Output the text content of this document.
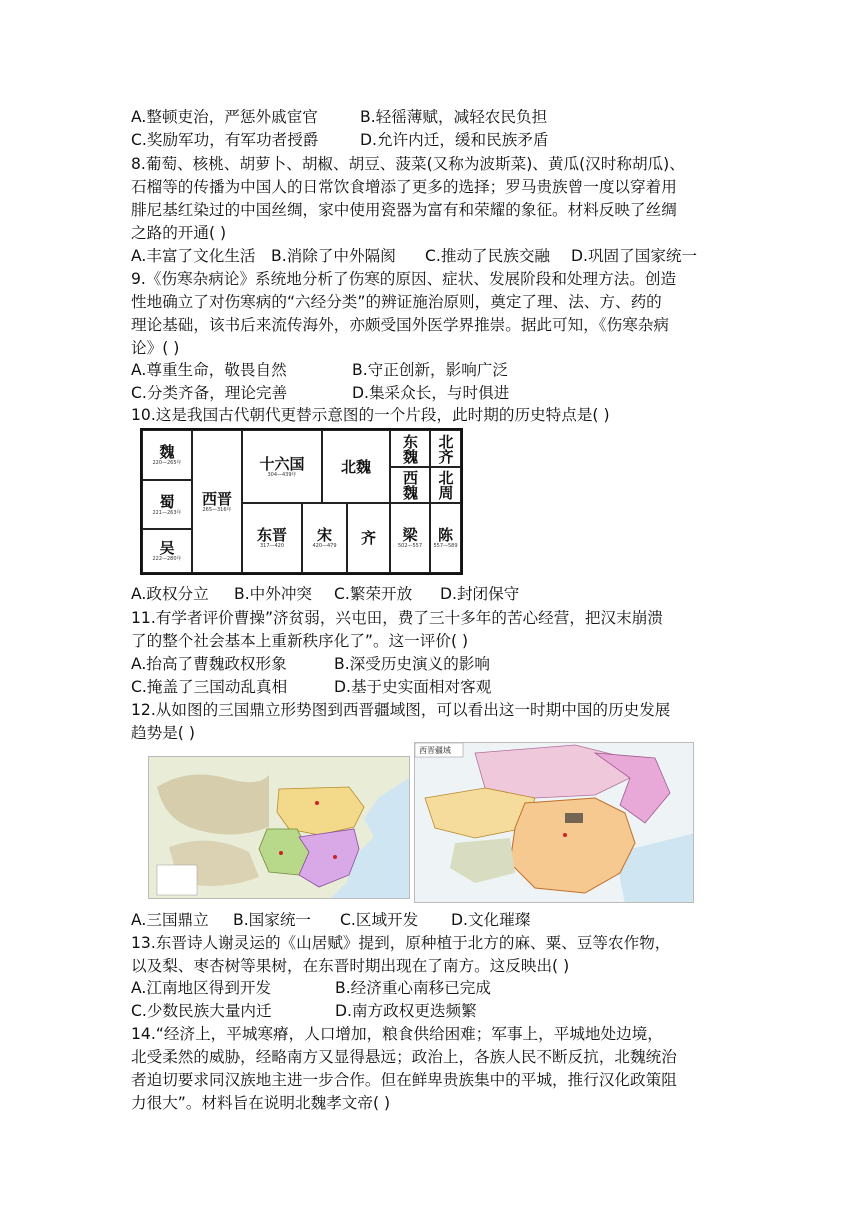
A.整顿吏治，严惩外戚宦官	B.轻徭薄赋，减轻农民负担
C.奖励军功，有军功者授爵	D.允许内迁，缓和民族矛盾
8.葡萄、核桃、胡萝卜、胡椒、胡豆、菠菜(又称为波斯菜)、黄瓜(汉时称胡瓜)、
石榴等的传播为中国人的日常饮食增添了更多的选择；罗马贵族曾一度以穿着用
腓尼基红染过的中国丝绸，家中使用瓷器为富有和荣耀的象征。材料反映了丝绸
之路的开通( )
A.丰富了文化生活 B.消除了中外隔阂 C.推动了民族交融 D.巩固了国家统一
9.《伤寒杂病论》系统地分析了伤寒的原因、症状、发展阶段和处理方法。创造
性地确立了对伤寒病的“六经分类”的辨证施治原则，奠定了理、法、方、药的
理论基础，该书后来流传海外，亦颇受国外医学界推崇。据此可知，《伤寒杂病
论》( )
A.尊重生命，敬畏自然	B.守正创新，影响广泛
C.分类齐备，理论完善	D.集采众长，与时俱进
10.这是我国古代朝代更替示意图的一个片段，此时期的历史特点是( )
A.政权分立 B.中外冲突 C.繁荣开放 D.封闭保守
11.有学者评价曹操”济贫弱，兴屯田，费了三十多年的苦心经营，把汉末崩溃
了的整个社会基本上重新秩序化了”。这一评价( )
A.抬高了曹魏政权形象	B.深受历史演义的影响
C.掩盖了三国动乱真相	D.基于史实面相对客观
12.从如图的三国鼎立形势图到西晋疆域图，可以看出这一时期中国的历史发展
趋势是( )
A.三国鼎立 B.国家统一 C.区域开发 D.文化璀璨
13.东晋诗人谢灵运的《山居赋》提到，原种植于北方的麻、粟、豆等农作物，
以及梨、枣杏树等果树，在东晋时期出现在了南方。这反映出( )
A.江南地区得到开发	B.经济重心南移已完成
C.少数民族大量内迁	D.南方政权更迭频繁
14.“经济上，平城寒瘠，人口增加，粮食供给困难；军事上，平城地处边境，
北受柔然的威胁，经略南方又显得悬远；政治上，各族人民不断反抗，北魏统治
者迫切要求同汉族地主进一步合作。但在鲜卑贵族集中的平城，推行汉化政策阻
力很大”。材料旨在说明北魏孝文帝( )
魏
220—265年
蜀
221—263年
吴
222—280年
西晋
265—316年
十六国
304—439年	北魏
东魏 北齐
西魏 北周
东晋
317—420
宋
420—479 齐 梁
502—557
陈
557—589
西晋疆域
